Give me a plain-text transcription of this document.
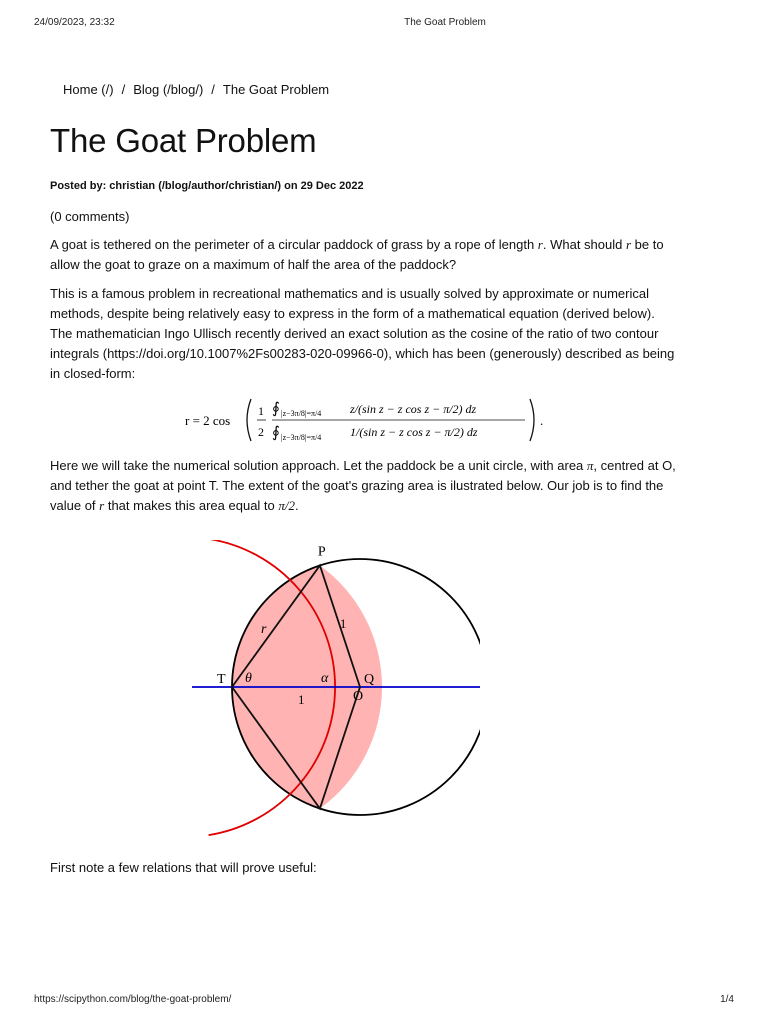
24/09/2023, 23:32	The Goat Problem
Home (/) / Blog (/blog/) / The Goat Problem
The Goat Problem
Posted by: christian (/blog/author/christian/) on 29 Dec 2022

(0 comments)

A goat is tethered on the perimeter of a circular paddock of grass by a rope of length r. What should r be to allow the goat to graze on a maximum of half the area of the paddock?

This is a famous problem in recreational mathematics and is usually solved by approximate or numerical methods, despite being relatively easy to express in the form of a mathematical equation (derived below). The mathematician Ingo Ullisch recently derived an exact solution as the cosine of the ratio of two contour integrals (https://doi.org/10.1007%2Fs00283-020-09966-0), which has been (generously) described as being in closed-form:

r = 2 cos
1
2
∮ |z−3π/8|=π/4 z/(sin z − z cos z − π/2) dz
∮ |z−3π/8|=π/4 1/(sin z − z cos z − π/2) dz
.

Here we will take the numerical solution approach. Let the paddock be a unit circle, with area π, centred at O, and tether the goat at point T. The extent of the goat's grazing area is ilustrated below. Our job is to find the value of r that makes this area equal to π/2.

P
T	Q
O
r	1
1
θ	α

First note a few relations that will prove useful:

https://scipython.com/blog/the-goat-problem/	1/4
